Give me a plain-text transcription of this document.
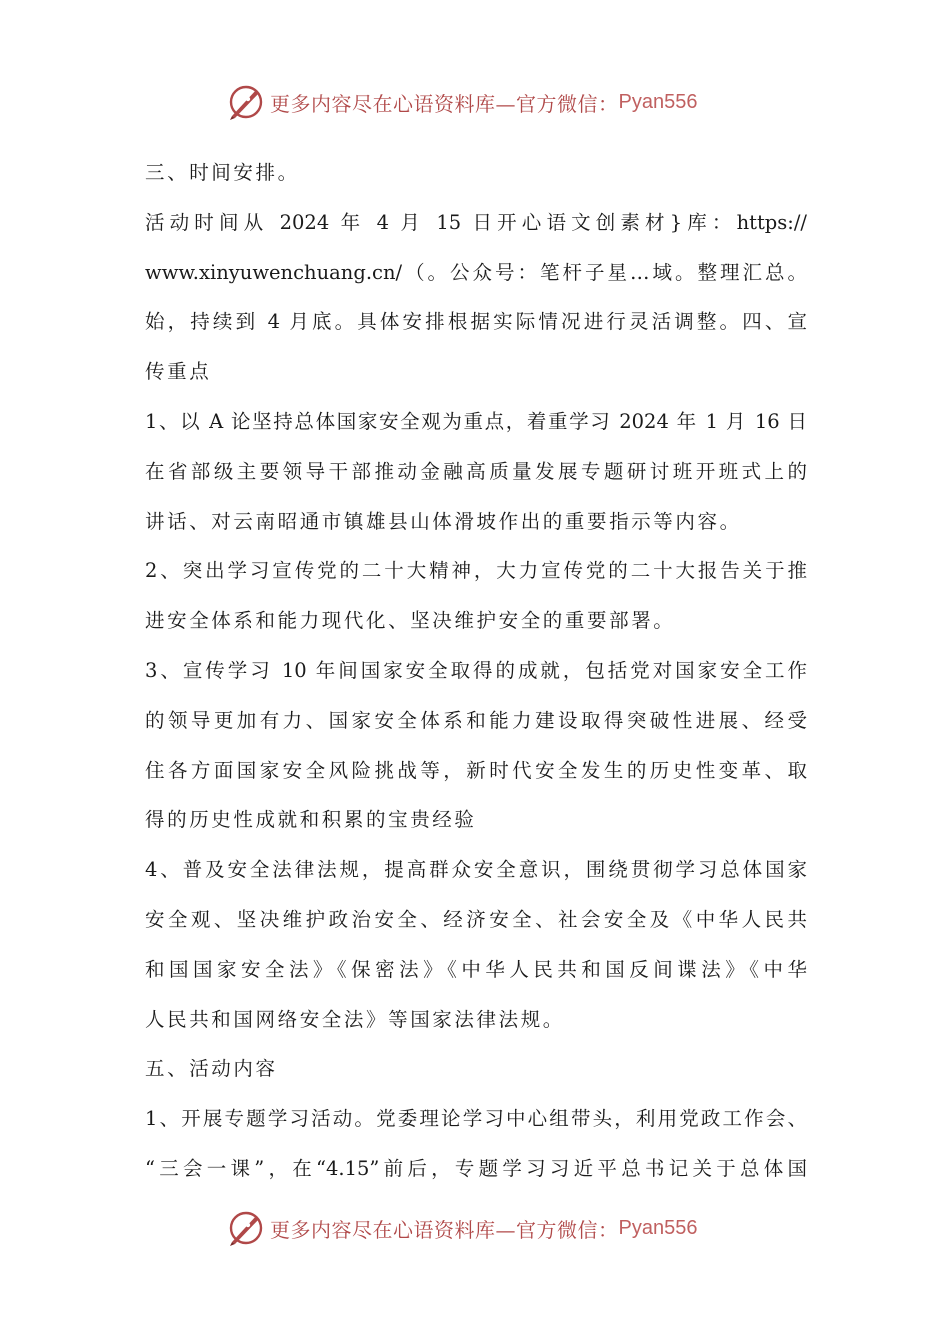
更多内容尽在心语资料库—官方微信： Pyan556
三、时间安排。
活动时间从 2024 年 4 月 15 日开心语文创素材}库：https://
www.xinyuwenchuang.cn/（。公众号：笔杆子星…域。整理汇总。
始，持续到 4 月底。具体安排根据实际情况进行灵活调整。四、宣
传重点
1、以 A 论坚持总体国家安全观为重点，着重学习 2024 年 1 月 16 日
在省部级主要领导干部推动金融高质量发展专题研讨班开班式上的
讲话、对云南昭通市镇雄县山体滑坡作出的重要指示等内容。
2、突出学习宣传党的二十大精神，大力宣传党的二十大报告关于推
进安全体系和能力现代化、坚决维护安全的重要部署。
3、宣传学习 10 年间国家安全取得的成就，包括党对国家安全工作
的领导更加有力、国家安全体系和能力建设取得突破性进展、经受
住各方面国家安全风险挑战等，新时代安全发生的历史性变革、取
得的历史性成就和积累的宝贵经验
4、普及安全法律法规，提高群众安全意识，围绕贯彻学习总体国家
安全观、坚决维护政治安全、经济安全、社会安全及《中华人民共
和国国家安全法》《保密法》《中华人民共和国反间谍法》《中华
人民共和国网络安全法》等国家法律法规。
五、活动内容
1、开展专题学习活动。党委理论学习中心组带头，利用党政工作会、
“三会一课”，在“4.15”前后，专题学习习近平总书记关于总体国
更多内容尽在心语资料库—官方微信： Pyan556
